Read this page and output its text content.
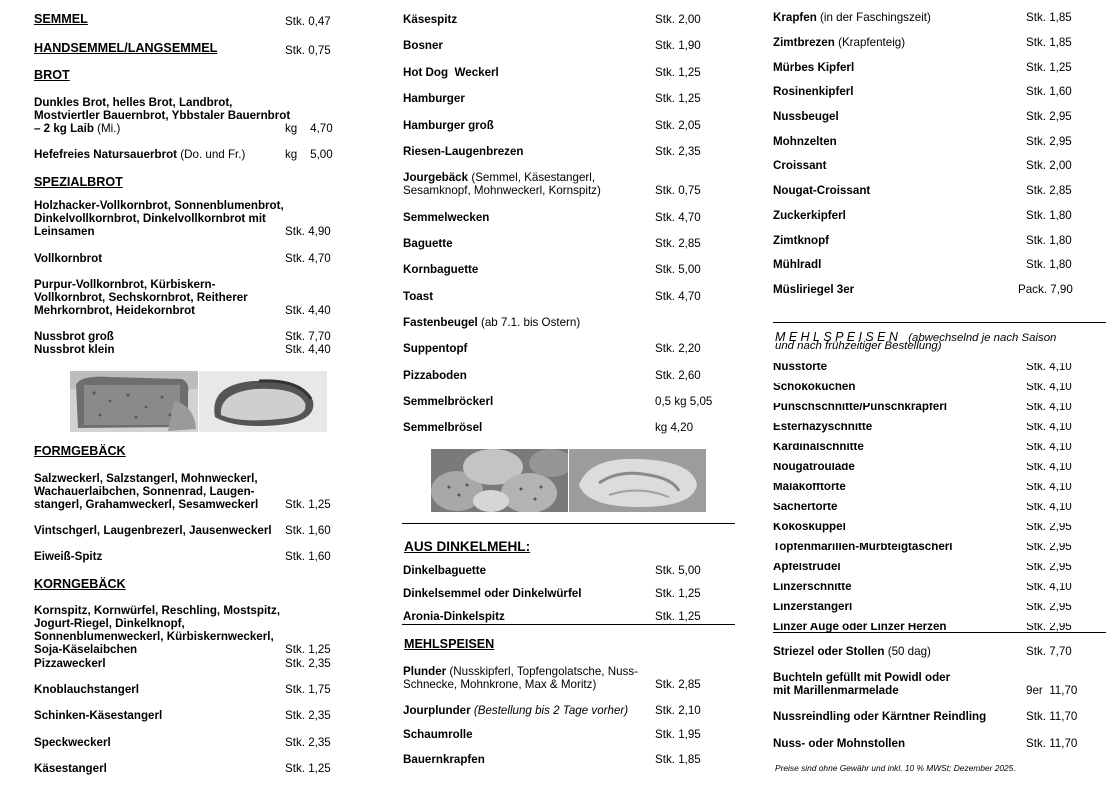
SEMMEL	Stk. 0,47
HANDSEMMEL/LANGSEMMEL	Stk. 0,75
BROT
Dunkles Brot, helles Brot, Landbrot, Mostviertler Bauernbrot, Ybbstaler Bauernbrot – 2 kg Laib (Mi.)	kg    4,70
Hefefreies Natursauerbrot (Do. und Fr.)	kg    5,00
SPEZIALBROT
Holzhacker-Vollkornbrot, Sonnenblumenbrot, Dinkelvollkornbrot, Dinkelvollkornbrot mit Leinsamen	Stk. 4,90
Vollkornbrot	Stk. 4,70
Purpur-Vollkornbrot, Kürbiskern-Vollkornbrot, Sechskornbrot, Reitherer Mehrkornbrot, Heidekornbrot	Stk. 4,40
Nussbrot groß	Stk. 7,70
Nussbrot klein	Stk. 4,40
FORMGEBÄCK
Salzweckerl, Salzstangerl, Mohnweckerl, Wachauerlaibchen, Sonnenrad, Laugen-stangerl, Grahamweckerl, Sesamweckerl	Stk. 1,25
Vintschgerl, Laugenbrezerl, Jausenweckerl	Stk. 1,60
Eiweiß-Spitz	Stk. 1,60
KORNGEBÄCK
Kornspitz, Kornwürfel, Reschling, Mostspitz, Jogurt-Riegel, Dinkelknopf, Sonnenblumenweckerl, Kürbiskernweckerl, Soja-Käselaibchen	Stk. 1,25
Pizzaweckerl	Stk. 2,35
Knoblauchstangerl	Stk. 1,75
Schinken-Käsestangerl	Stk. 2,35
Speckweckerl	Stk. 2,35
Käsestangerl	Stk. 1,25
Käsespitz	Stk. 2,00
Bosner	Stk. 1,90
Hot Dog  Weckerl	Stk. 1,25
Hamburger	Stk. 1,25
Hamburger groß	Stk. 2,05
Riesen-Laugenbrezen	Stk. 2,35
Jourgebäck (Semmel, Käsestangerl, Sesamknopf, Mohnweckerl, Kornspitz)	Stk. 0,75
Semmelwecken	Stk. 4,70
Baguette	Stk. 2,85
Kornbaguette	Stk. 5,00
Toast	Stk. 4,70
Fastenbeugel (ab 7.1. bis Ostern)
Suppentopf	Stk. 2,20
Pizzaboden	Stk. 2,60
Semmelbröckerl	0,5 kg 5,05
Semmelbrösel	kg 4,20
AUS DINKELMEHL:
Dinkelbaguette	Stk. 5,00
Dinkelsemmel oder Dinkelwürfel	Stk. 1,25
Aronia-Dinkelspitz	Stk. 1,25
MEHLSPEISEN
Plunder (Nusskipferl, Topfengolatsche, Nuss-Schnecke, Mohnkrone, Max & Moritz)	Stk. 2,85
Jourplunder (Bestellung bis 2 Tage vorher)	Stk. 2,10
Schaumrolle	Stk. 1,95
Bauernkrapfen	Stk. 1,85
Krapfen (in der Faschingszeit)	Stk. 1,85
Zimtbrezen (Krapfenteig)	Stk. 1,85
Mürbes Kipferl	Stk. 1,25
Rosinenkipferl	Stk. 1,60
Nussbeugel	Stk. 2,95
Mohnzelten	Stk. 2,95
Croissant	Stk. 2,00
Nougat-Croissant	Stk. 2,85
Zuckerkipferl	Stk. 1,80
Zimtknopf	Stk. 1,80
Mühlradl	Stk. 1,80
Müsliriegel 3er	Pack. 7,90
MEHLSPEISEN (abwechselnd je nach Saison
und nach frühzeitiger Bestellung)
Nusstorte	Stk. 4,10
Schokokuchen	Stk. 4,10
Punschschnitte/Punschkrapferl	Stk. 4,10
Esterhazyschnitte	Stk. 4,10
Kardinalschnitte	Stk. 4,10
Nougatroulade	Stk. 4,10
Malakofftorte	Stk. 4,10
Sachertorte	Stk. 4,10
Kokoskuppel	Stk. 2,95
Topfenmarillen-Mürbteigtascherl	Stk. 2,95
Apfelstrudel	Stk. 2,95
Linzerschnitte	Stk. 4,10
Linzerstangerl	Stk. 2,95
Linzer Auge oder Linzer Herzen	Stk. 2,95
Striezel oder Stollen (50 dag)	Stk. 7,70
Buchteln gefüllt mit Powidl oder mit Marillenmarmelade	9er  11,70
Nussreindling oder Kärntner Reindling	Stk. 11,70
Nuss- oder Mohnstollen	Stk. 11,70
Preise sind ohne Gewähr und inkl. 10 % MWSt; Dezember 2025.
